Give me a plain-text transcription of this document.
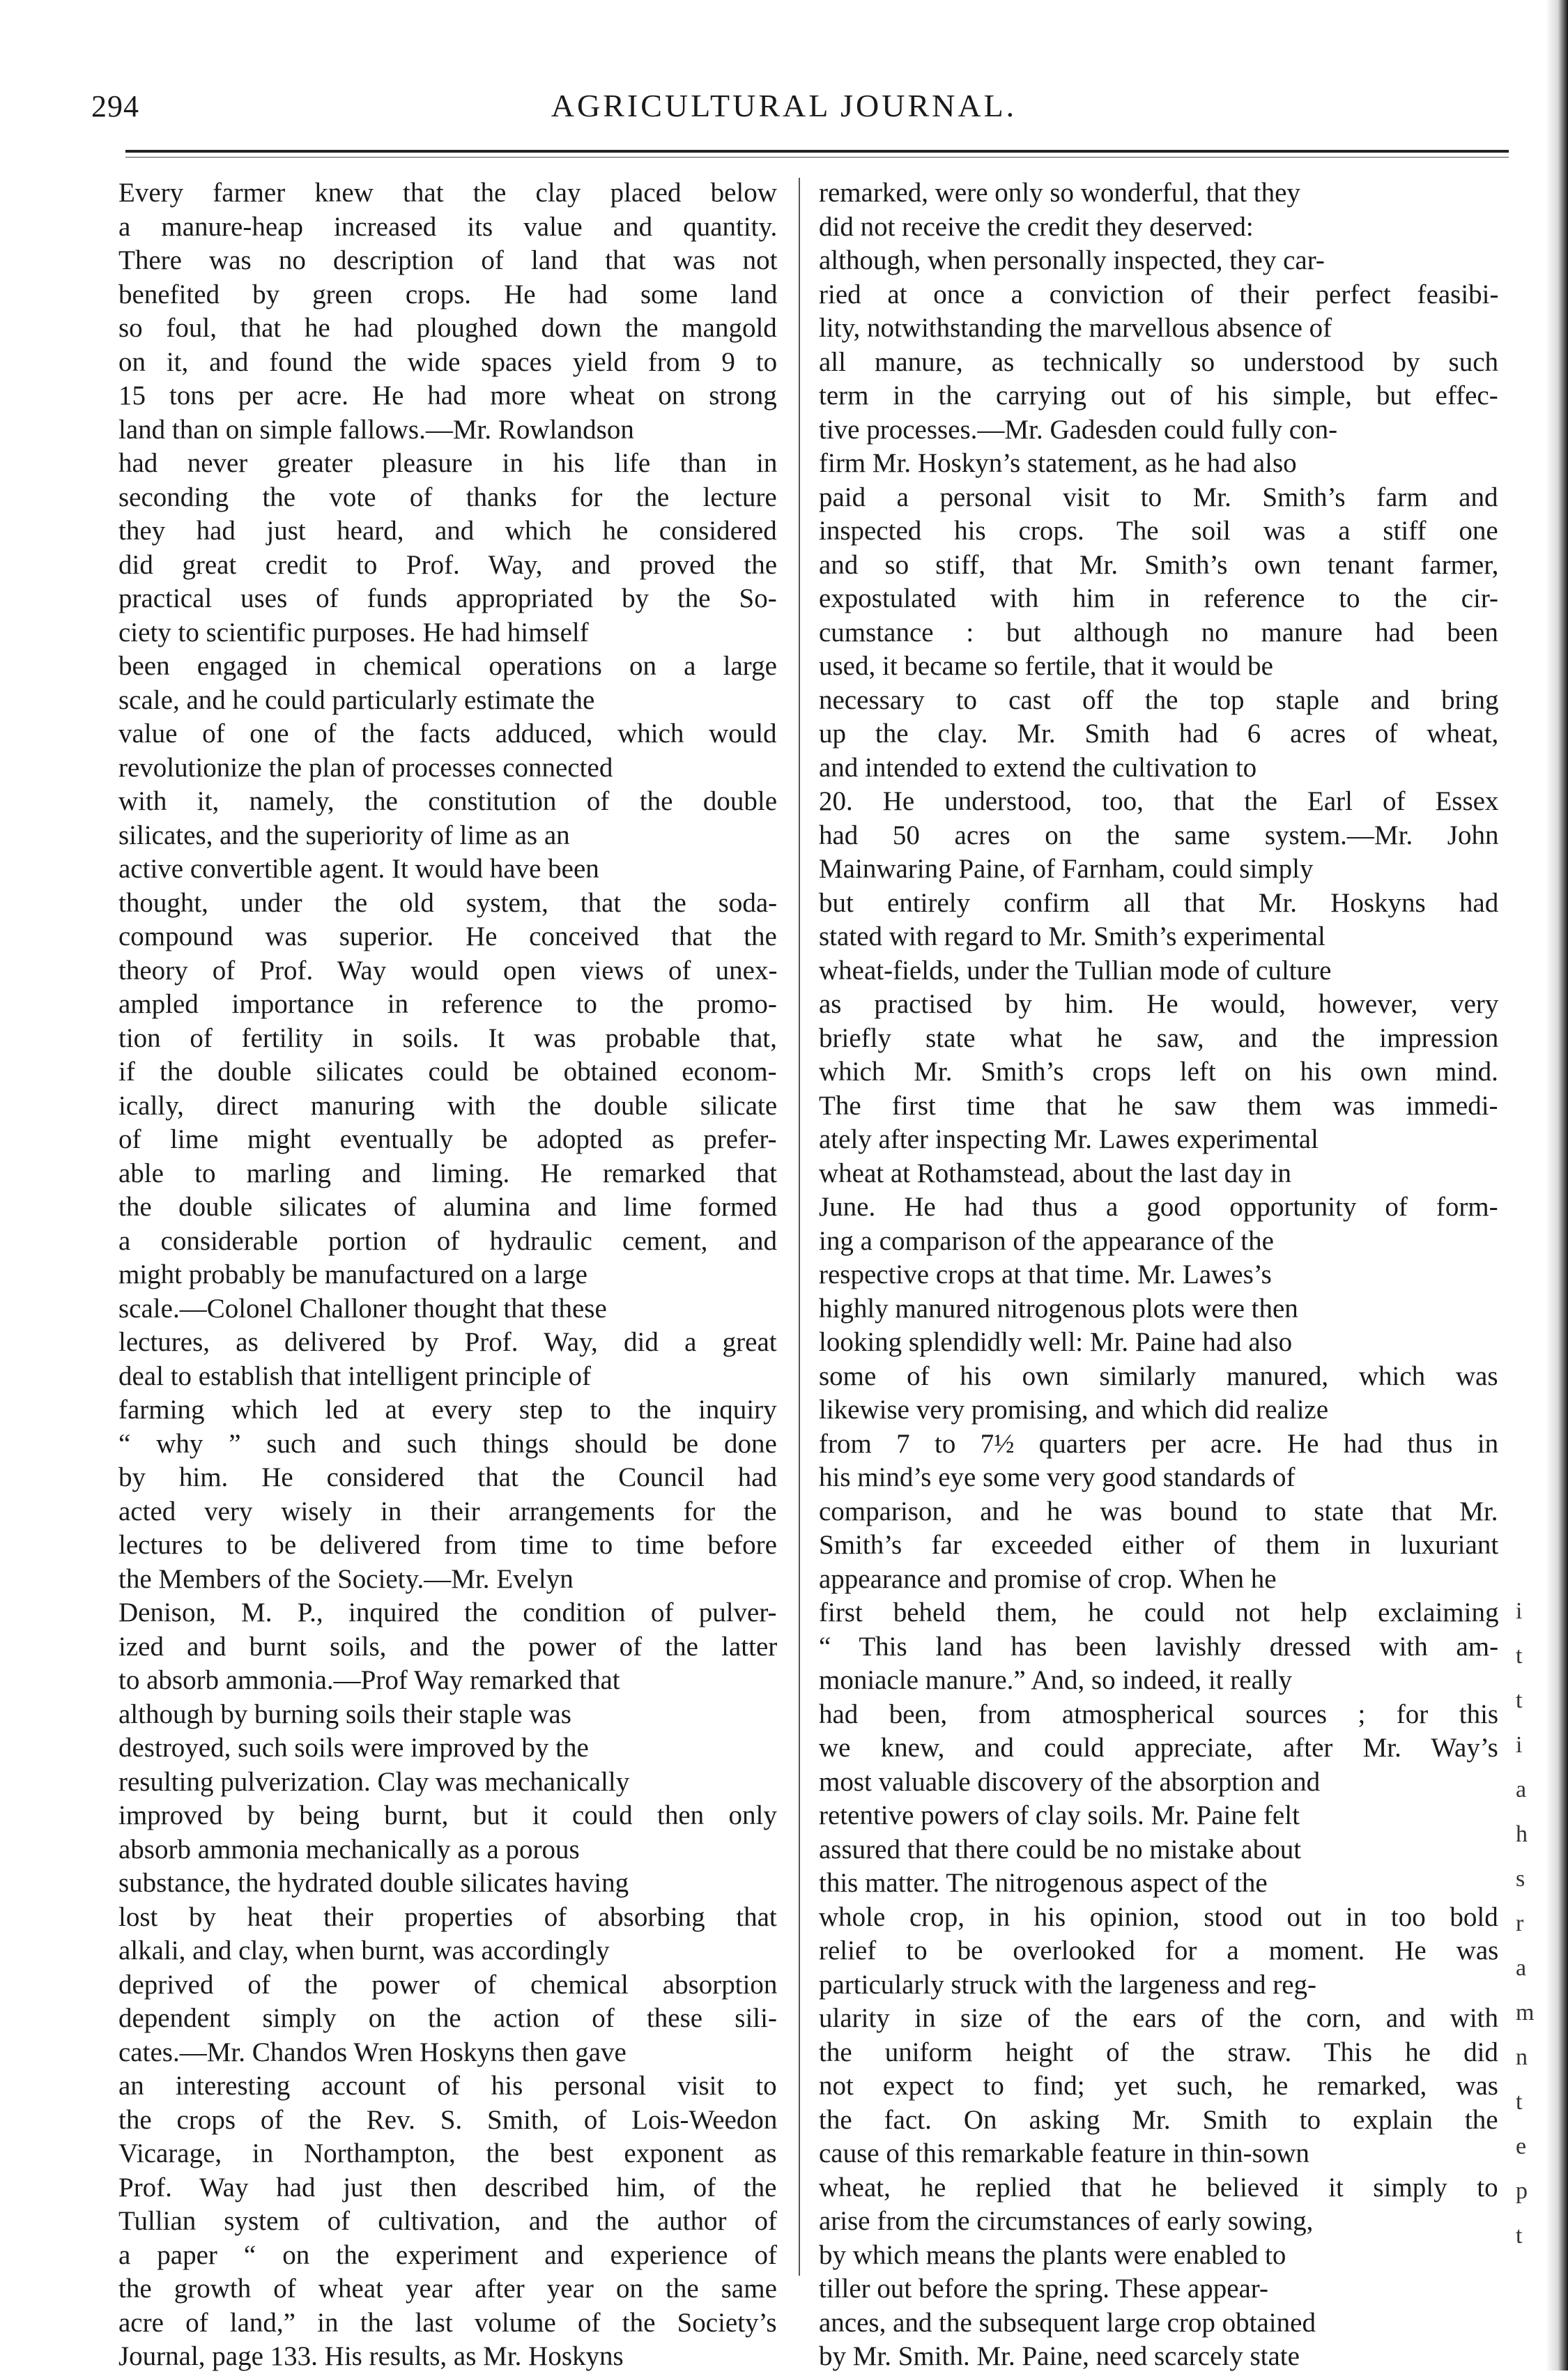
294	AGRICULTURAL JOURNAL.
Every farmer knew that the clay placed below
a manure-heap increased its value and quantity.
There was no description of land that was not
benefited by green crops. He had some land
so foul, that he had ploughed down the mangold
on it, and found the wide spaces yield from 9 to
15 tons per acre. He had more wheat on strong
land than on simple fallows.—Mr. Rowlandson
had never greater pleasure in his life than in
seconding the vote of thanks for the lecture
they had just heard, and which he considered
did great credit to Prof. Way, and proved the
practical uses of funds appropriated by the So-
ciety to scientific purposes. He had himself
been engaged in chemical operations on a large
scale, and he could particularly estimate the
value of one of the facts adduced, which would
revolutionize the plan of processes connected
with it, namely, the constitution of the double
silicates, and the superiority of lime as an
active convertible agent. It would have been
thought, under the old system, that the soda-
compound was superior. He conceived that the
theory of Prof. Way would open views of unex-
ampled importance in reference to the promo-
tion of fertility in soils. It was probable that,
if the double silicates could be obtained econom-
ically, direct manuring with the double silicate
of lime might eventually be adopted as prefer-
able to marling and liming. He remarked that
the double silicates of alumina and lime formed
a considerable portion of hydraulic cement, and
might probably be manufactured on a large
scale.—Colonel Challoner thought that these
lectures, as delivered by Prof. Way, did a great
deal to establish that intelligent principle of
farming which led at every step to the inquiry
“ why ” such and such things should be done
by him. He considered that the Council had
acted very wisely in their arrangements for the
lectures to be delivered from time to time before
the Members of the Society.—Mr. Evelyn
Denison, M. P., inquired the condition of pulver-
ized and burnt soils, and the power of the latter
to absorb ammonia.—Prof Way remarked that
although by burning soils their staple was
destroyed, such soils were improved by the
resulting pulverization. Clay was mechanically
improved by being burnt, but it could then only
absorb ammonia mechanically as a porous
substance, the hydrated double silicates having
lost by heat their properties of absorbing that
alkali, and clay, when burnt, was accordingly
deprived of the power of chemical absorption
dependent simply on the action of these sili-
cates.—Mr. Chandos Wren Hoskyns then gave
an interesting account of his personal visit to
the crops of the Rev. S. Smith, of Lois-Weedon
Vicarage, in Northampton, the best exponent as
Prof. Way had just then described him, of the
Tullian system of cultivation, and the author of
a paper “ on the experiment and experience of
the growth of wheat year after year on the same
acre of land,” in the last volume of the Society’s
Journal, page 133. His results, as Mr. Hoskyns
remarked, were only so wonderful, that they
did not receive the credit they deserved:
although, when personally inspected, they car-
ried at once a conviction of their perfect feasibi-
lity, notwithstanding the marvellous absence of
all manure, as technically so understood by such
term in the carrying out of his simple, but effec-
tive processes.—Mr. Gadesden could fully con-
firm Mr. Hoskyn’s statement, as he had also
paid a personal visit to Mr. Smith’s farm and
inspected his crops. The soil was a stiff one
and so stiff, that Mr. Smith’s own tenant farmer,
expostulated with him in reference to the cir-
cumstance : but although no manure had been
used, it became so fertile, that it would be
necessary to cast off the top staple and bring
up the clay. Mr. Smith had 6 acres of wheat,
and intended to extend the cultivation to
20. He understood, too, that the Earl of Essex
had 50 acres on the same system.—Mr. John
Mainwaring Paine, of Farnham, could simply
but entirely confirm all that Mr. Hoskyns had
stated with regard to Mr. Smith’s experimental
wheat-fields, under the Tullian mode of culture
as practised by him. He would, however, very
briefly state what he saw, and the impression
which Mr. Smith’s crops left on his own mind.
The first time that he saw them was immedi-
ately after inspecting Mr. Lawes experimental
wheat at Rothamstead, about the last day in
June. He had thus a good opportunity of form-
ing a comparison of the appearance of the
respective crops at that time. Mr. Lawes’s
highly manured nitrogenous plots were then
looking splendidly well: Mr. Paine had also
some of his own similarly manured, which was
likewise very promising, and which did realize
from 7 to 7½ quarters per acre. He had thus in
his mind’s eye some very good standards of
comparison, and he was bound to state that Mr.
Smith’s far exceeded either of them in luxuriant
appearance and promise of crop. When he
first beheld them, he could not help exclaiming
“ This land has been lavishly dressed with am-
moniacle manure.” And, so indeed, it really
had been, from atmospherical sources ; for this
we knew, and could appreciate, after Mr. Way’s
most valuable discovery of the absorption and
retentive powers of clay soils. Mr. Paine felt
assured that there could be no mistake about
this matter. The nitrogenous aspect of the
whole crop, in his opinion, stood out in too bold
relief to be overlooked for a moment. He was
particularly struck with the largeness and reg-
ularity in size of the ears of the corn, and with
the uniform height of the straw. This he did
not expect to find; yet such, he remarked, was
the fact. On asking Mr. Smith to explain the
cause of this remarkable feature in thin-sown
wheat, he replied that he believed it simply to
arise from the circumstances of early sowing,
by which means the plants were enabled to
tiller out before the spring. These appear-
ances, and the subsequent large crop obtained
by Mr. Smith. Mr. Paine, need scarcely state
i
t
t
i
a
h
s
r
a
m
n
t
e
p
t
